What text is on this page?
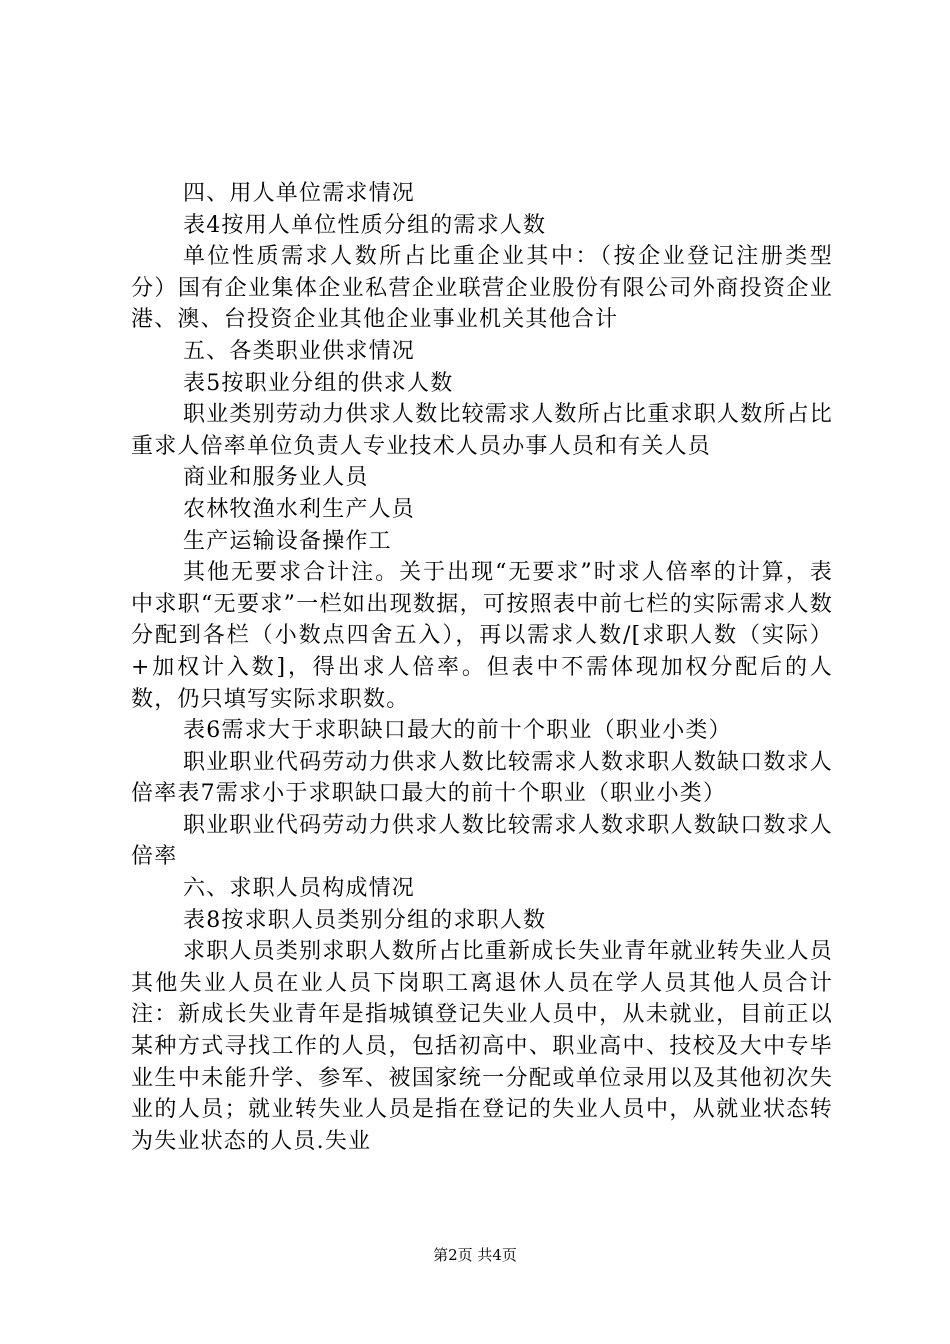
四、用人单位需求情况

表4按用人单位性质分组的需求人数

单位性质需求人数所占比重企业其中：（按企业登记注册类型分）国有企业集体企业私营企业联营企业股份有限公司外商投资企业港、澳、台投资企业其他企业事业机关其他合计

五、各类职业供求情况

表5按职业分组的供求人数

职业类别劳动力供求人数比较需求人数所占比重求职人数所占比重求人倍率单位负责人专业技术人员办事人员和有关人员

商业和服务业人员

农林牧渔水利生产人员

生产运输设备操作工

其他无要求合计注。关于出现“无要求”时求人倍率的计算，表中求职“无要求”一栏如出现数据，可按照表中前七栏的实际需求人数分配到各栏（小数点四舍五入），再以需求人数/[求职人数（实际）+加权计入数]，得出求人倍率。但表中不需体现加权分配后的人数，仍只填写实际求职数。

表6需求大于求职缺口最大的前十个职业（职业小类）

职业职业代码劳动力供求人数比较需求人数求职人数缺口数求人倍率表7需求小于求职缺口最大的前十个职业（职业小类）

职业职业代码劳动力供求人数比较需求人数求职人数缺口数求人倍率

六、求职人员构成情况

表8按求职人员类别分组的求职人数

求职人员类别求职人数所占比重新成长失业青年就业转失业人员其他失业人员在业人员下岗职工离退休人员在学人员其他人员合计注：新成长失业青年是指城镇登记失业人员中，从未就业，目前正以某种方式寻找工作的人员，包括初高中、职业高中、技校及大中专毕业生中未能升学、参军、被国家统一分配或单位录用以及其他初次失业的人员；就业转失业人员是指在登记的失业人员中，从就业状态转为失业状态的人员.失业

第2页 共4页
